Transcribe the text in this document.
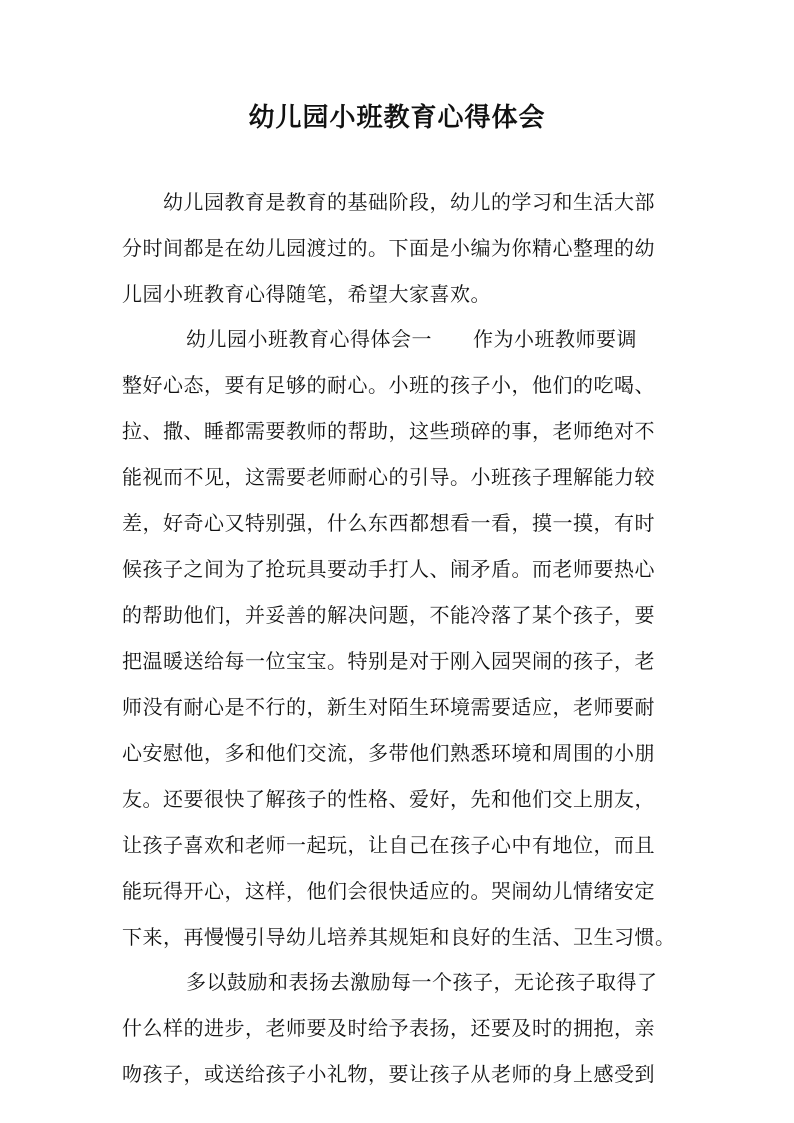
幼儿园小班教育心得体会
幼儿园教育是教育的基础阶段，幼儿的学习和生活大部
分时间都是在幼儿园渡过的。下面是小编为你精心整理的幼
儿园小班教育心得随笔，希望大家喜欢。
幼儿园小班教育心得体会一　　作为小班教师要调
整好心态，要有足够的耐心。小班的孩子小，他们的吃喝、
拉、撒、睡都需要教师的帮助，这些琐碎的事，老师绝对不
能视而不见，这需要老师耐心的引导。小班孩子理解能力较
差，好奇心又特别强，什么东西都想看一看，摸一摸，有时
候孩子之间为了抢玩具要动手打人、闹矛盾。而老师要热心
的帮助他们，并妥善的解决问题，不能冷落了某个孩子，要
把温暖送给每一位宝宝。特别是对于刚入园哭闹的孩子，老
师没有耐心是不行的，新生对陌生环境需要适应，老师要耐
心安慰他，多和他们交流，多带他们熟悉环境和周围的小朋
友。还要很快了解孩子的性格、爱好，先和他们交上朋友，
让孩子喜欢和老师一起玩，让自己在孩子心中有地位，而且
能玩得开心，这样，他们会很快适应的。哭闹幼儿情绪安定
下来，再慢慢引导幼儿培养其规矩和良好的生活、卫生习惯。
多以鼓励和表扬去激励每一个孩子，无论孩子取得了
什么样的进步，老师要及时给予表扬，还要及时的拥抱，亲
吻孩子，或送给孩子小礼物，要让孩子从老师的身上感受到
